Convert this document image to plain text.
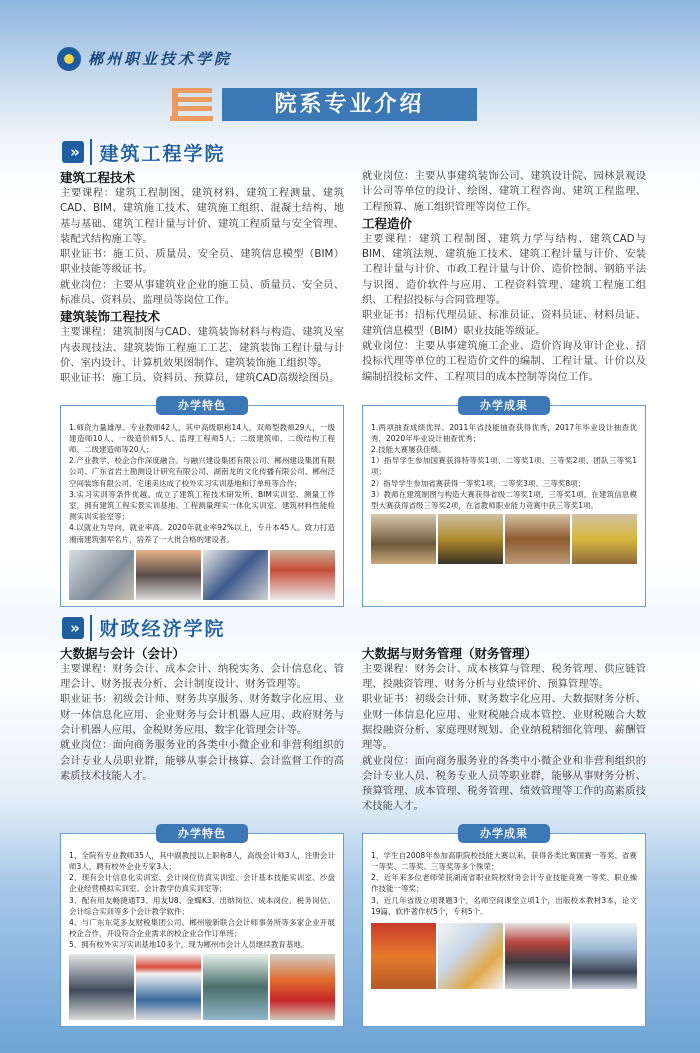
郴州职业技术学院
院系专业介绍
»	建筑工程学院
建筑工程技术

主要课程：建筑工程制图、建筑材料、建筑工程测量、建筑CAD、BIM、建筑施工技术、建筑施工组织、混凝土结构、地基与基础、建筑工程计量与计价、建筑工程质量与安全管理、装配式结构施工等。

职业证书：施工员、质量员、安全员、建筑信息模型（BIM）职业技能等级证书。

就业岗位：主要从事建筑业企业的施工员、质量员、安全员、标准员、资料员、监理员等岗位工作。

建筑装饰工程技术

主要课程：建筑制图与CAD、建筑装饰材料与构造、建筑及室内表现技法、建筑装饰工程施工工艺、建筑装饰工程计量与计价、室内设计、计算机效果图制作、建筑装饰施工组织等。

职业证书：施工员、资料员、预算员，建筑CAD高级绘图员。

就业岗位：主要从事建筑装饰公司、建筑设计院、园林景观设计公司等单位的设计、绘图、建筑工程咨询、建筑工程监理、工程预算、施工组织管理等岗位工作。

工程造价

主要课程：建筑工程制图、建筑力学与结构、建筑CAD与BIM、建筑法规、建筑施工技术、建筑工程计量与计价、安装工程计量与计价、市政工程计量与计价、造价控制、钢筋平法与识图、造价软件与应用、工程资料管理、建筑工程施工组织、工程招投标与合同管理等。

职业证书：招标代理员证、标准员证、资料员证、材料员证、建筑信息模型（BIM）职业技能等级证。

就业岗位：主要从事建筑施工企业、造价咨询及审计企业、招投标代理等单位的工程造价文件的编制、工程计量、计价以及编制招投标文件、工程项目的成本控制等岗位工作。

办学特色
1.师资力量雄厚。专业教师42人，其中高级职称14人，双师型教师29人，一级建造师10人、一级造价师5人、监理工程师5人；二级建筑师、二级结构工程师、二级建造师等20人；
2.产业教学、校企合作深度融合。与融兴建设集团有限公司、郴州建设集团有限公司、广东省岩土勘测设计研究有限公司、湖南龙的文化传播有限公司、郴州泛空间装饰有限公司、宅速美达成了校外实习实训基地和订单班等合作；
3.实习实训等条件优越。成立了建筑工程技术研发所、BIM实训室、测量工作室，拥有建筑工程实景实训基地、工程测量理实一体化实训室、建筑材料性能检测实训实验室等；
4.以就业为导向，就业率高。2020年就业率92%以上，专升本45人。致力打造湘南建筑强军名片，培养了一大批合格的建设者。
办学成果
1.两项抽查成绩优异。2011年省技能抽查获得优秀，2017年毕业设计抽查优秀，2020年毕业设计抽查优秀；
2.技能大赛屡获佳绩。
1）指导学生参加国赛获得特等奖1项、二等奖1项、三等奖2项、团队三等奖1项；
2）指导学生参加省赛获得一等奖1项，二等奖3项、三等奖8项；
3）教师在建筑制图与构造大赛获得省级二等奖1项，三等奖1项，在建筑信息模型大赛获得省级三等奖2项，在省教师职业能力竞赛中获三等奖1项。
»	财政经济学院
大数据与会计（会计）

主要课程：财务会计、成本会计、纳税实务、会计信息化、管理会计、财务报表分析、会计制度设计、财务管理等。

职业证书：初级会计师、财务共享服务、财务数字化应用、业财一体信息化应用、企业财务与会计机器人应用、政府财务与会计机器人应用、金税财务应用、数字化管理会计等。

就业岗位：面向商务服务业的各类中小微企业和非营利组织的会计专业人员职业群，能够从事会计核算、会计监督工作的高素质技术技能人才。

大数据与财务管理（财务管理）

主要课程：财务会计、成本核算与管理、税务管理、供应链管理、投融资管理、财务分析与业绩评价、预算管理等。

职业证书：初级会计师、财务数字化应用、大数据财务分析、业财一体信息化应用、业财税融合成本管控、业财税融合大数据投融资分析、家庭理财规划、企业纳税精细化管理、薪酬管理等。

就业岗位：面向商务服务业的各类中小微企业和非营利组织的会计专业人员、税务专业人员等职业群，能够从事财务分析、预算管理、成本管理、税务管理、绩效管理等工作的高素质技术技能人才。

办学特色
1、全院有专业教师35人，其中副教授以上职称8人，高级会计师3人，注册会计师3人，聘有校外企业专家3人；
2、现有会计信息化实训室、会计岗位仿真实训室、会计基本技能实训室、沙盘企业经营模拟实训室、会计教学仿真实训室等；
3、配有用友畅捷通T3、用友U8、金蝶K3、出纳岗位、成本岗位、税务岗位、会计综合实训等多个会计教学软件；
4、与广东东莞多友财税集团公司、郴州骏新联合会计师事务所等多家企业开展校企合作，开设符合企业需求的校企业合作订单班；
5、拥有校外实习实训基地10多个，现为郴州市会计人员继续教育基地。
办学成果
1、学生自2008年参加高职院校技能大赛以来，获得各类比赛国赛一等奖、省赛一等奖、二等奖、三等奖等多个殊荣；
2、近年来多位老师荣获湖南省职业院校财务会计专业技能竞赛一等奖、职业操作技能一等奖；
3、近几年省级立项课题3个，名师空间课堂立项1个，出版校本教材3本，论文19篇、软件著作权5个，专利5个。
